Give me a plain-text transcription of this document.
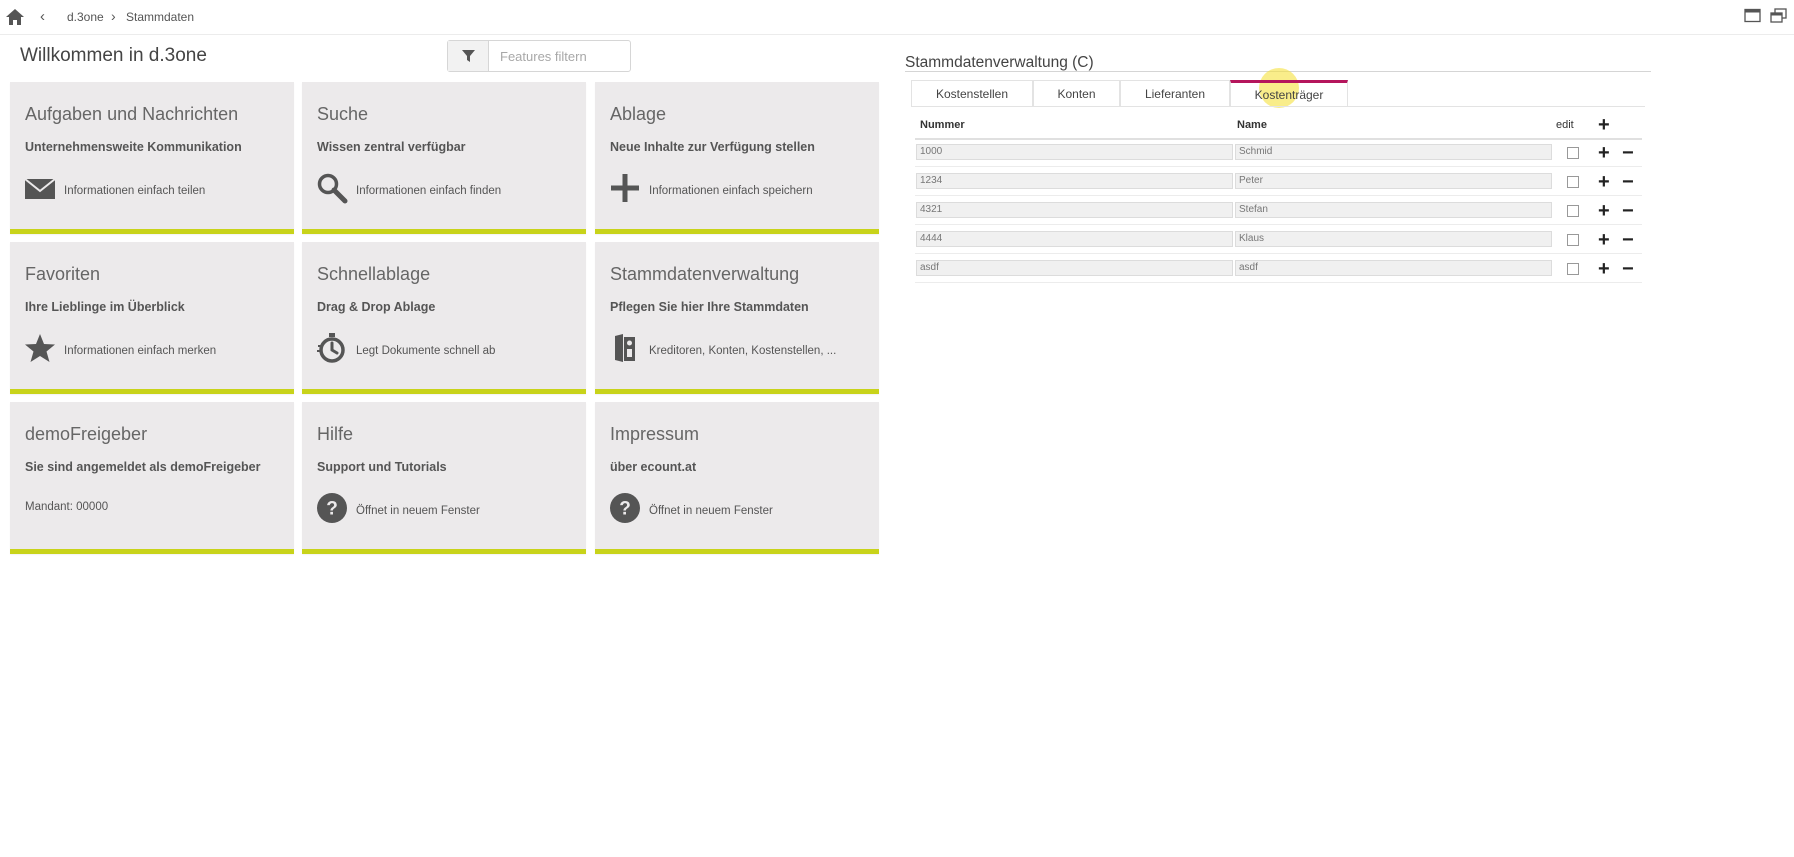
‹ d.3one › Stammdaten
Willkommen in d.3one
Features filtern
Aufgaben und Nachrichten
Unternehmensweite Kommunikation
Informationen einfach teilen
Suche
Wissen zentral verfügbar
Informationen einfach finden
Ablage
Neue Inhalte zur Verfügung stellen
Informationen einfach speichern
Favoriten
Ihre Lieblinge im Überblick
Informationen einfach merken
Schnellablage
Drag & Drop Ablage
Legt Dokumente schnell ab
Stammdatenverwaltung
Pflegen Sie hier Ihre Stammdaten
Kreditoren, Konten, Kostenstellen, ...
demoFreigeber
Sie sind angemeldet als demoFreigeber
Mandant: 00000
Hilfe
Support und Tutorials
? Öffnet in neuem Fenster
Impressum
über ecount.at
? Öffnet in neuem Fenster
Stammdatenverwaltung (C)
Kostenstellen	Konten	Lieferanten	Kostenträger
Nummer	Name	edit +
1000	Schmid	+ −
1234	Peter	+ −
4321	Stefan	+ −
4444	Klaus	+ −
asdf	asdf	+ −
